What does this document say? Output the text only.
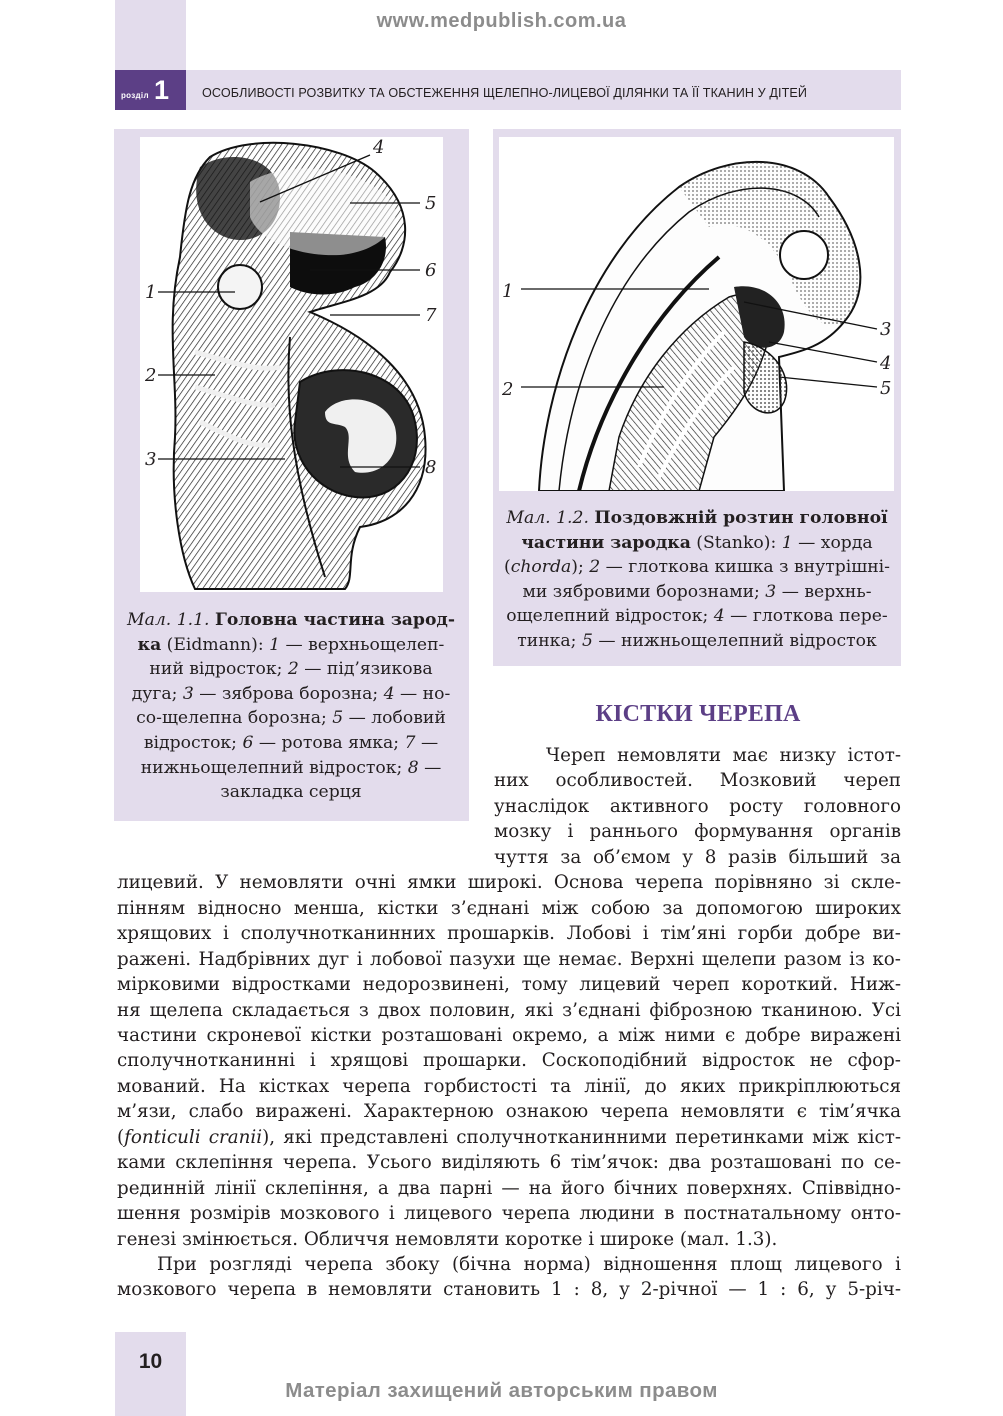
www.medpublish.com.ua
розділ 1	ОСОБЛИВОСТІ РОЗВИТКУ ТА ОБСТЕЖЕННЯ ЩЕЛЕПНО-ЛИЦЕВОЇ ДІЛЯНКИ ТА ЇЇ ТКАНИН У ДІТЕЙ
1
2
3
4
5
6
7
8
Мал. 1.1. Головна частина зарод-
ка (Eidmann): 1 — верхньощелеп-
ний відросток; 2 — під’язикова
дуга; 3 — зяброва борозна; 4 — но-
со-щелепна борозна; 5 — лобовий
відросток; 6 — ротова ямка; 7 —
нижньощелепний відросток; 8 —
закладка серця
1
2
3
4
5
Мал. 1.2. Поздовжній розтин головної
частини зародка (Stanko): 1 — хорда
(chorda); 2 — глоткова кишка з внутрішні-
ми зябровими борознами; 3 — верхнь-
ощелепний відросток; 4 — глоткова пере-
тинка; 5 — нижньощелепний відросток
КІСТКИ ЧЕРЕПА
Череп немовляти має низку істот-
них особливостей. Мозковий череп
унаслідок активного росту головного
мозку і раннього формування органів
чуття за об’ємом у 8 разів більший за
лицевий. У немовляти очні ямки широкі. Основа черепа порівняно зі скле-
пінням відносно менша, кістки з’єднані між собою за допомогою широких
хрящових і сполучнотканинних прошарків. Лобові і тім’яні горби добре ви-
ражені. Надбрівних дуг і лобової пазухи ще немає. Верхні щелепи разом із ко-
мірковими відростками недорозвинені, тому лицевий череп короткий. Ниж-
ня щелепа складається з двох половин, які з’єднані фіброзною тканиною. Усі
частини скроневої кістки розташовані окремо, а між ними є добре виражені
сполучнотканинні і хрящові прошарки. Соскоподібний відросток не сфор-
мований. На кістках черепа горбистості та лінії, до яких прикріплюються
м’язи, слабо виражені. Характерною ознакою черепа немовляти є тім’ячка
(fonticuli cranii), які представлені сполучнотканинними перетинками між кіст-
ками склепіння черепа. Усього виділяють 6 тім’ячок: два розташовані по се-
рединній лінії склепіння, а два парні — на його бічних поверхнях. Співвідно-
шення розмірів мозкового і лицевого черепа людини в постнатальному онто-
генезі змінюється. Обличчя немовляти коротке і широке (мал. 1.3).
При розгляді черепа збоку (бічна норма) відношення площ лицевого і
мозкового черепа в немовляти становить 1 : 8, у 2-річної — 1 : 6, у 5-річ-
10
Матеріал захищений авторським правом
